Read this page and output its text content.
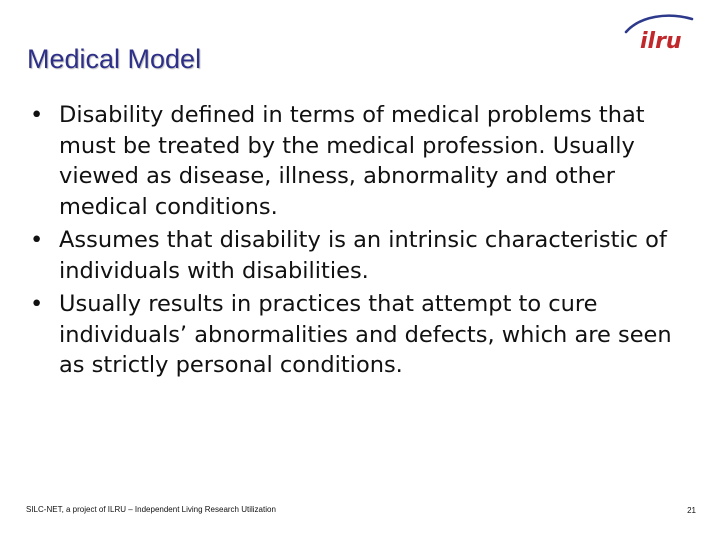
Medical Model
ilru
• Disability defined in terms of medical problems that must be treated by the medical profession. Usually viewed as disease, illness, abnormality and other medical conditions.
• Assumes that disability is an intrinsic characteristic of individuals with disabilities.
• Usually results in practices that attempt to cure individuals’ abnormalities and defects, which are seen as strictly personal conditions.
SILC-NET, a project of ILRU – Independent Living Research Utilization	21
